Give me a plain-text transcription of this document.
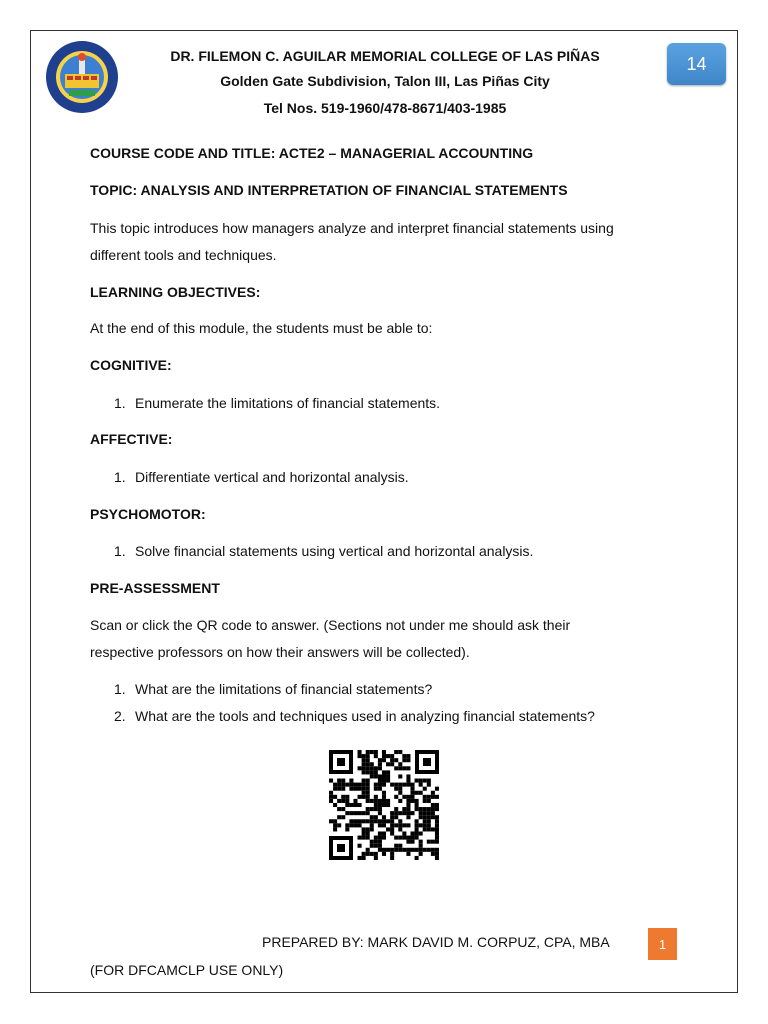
DR. FILEMON C. AGUILAR MEMORIAL COLLEGE OF LAS PIÑAS
Golden Gate Subdivision, Talon III, Las Piñas City
Tel Nos. 519-1960/478-8671/403-1985
14
COURSE CODE AND TITLE: ACTE2 – MANAGERIAL ACCOUNTING
TOPIC: ANALYSIS AND INTERPRETATION OF FINANCIAL STATEMENTS
This topic introduces how managers analyze and interpret financial statements using
different tools and techniques.
LEARNING OBJECTIVES:
At the end of this module, the students must be able to:
COGNITIVE:
1. Enumerate the limitations of financial statements.
AFFECTIVE:
1. Differentiate vertical and horizontal analysis.
PSYCHOMOTOR:
1. Solve financial statements using vertical and horizontal analysis.
PRE-ASSESSMENT
Scan or click the QR code to answer. (Sections not under me should ask their
respective professors on how their answers will be collected).
1. What are the limitations of financial statements?
2. What are the tools and techniques used in analyzing financial statements?
PREPARED BY: MARK DAVID M. CORPUZ, CPA, MBA	1
(FOR DFCAMCLP USE ONLY)
